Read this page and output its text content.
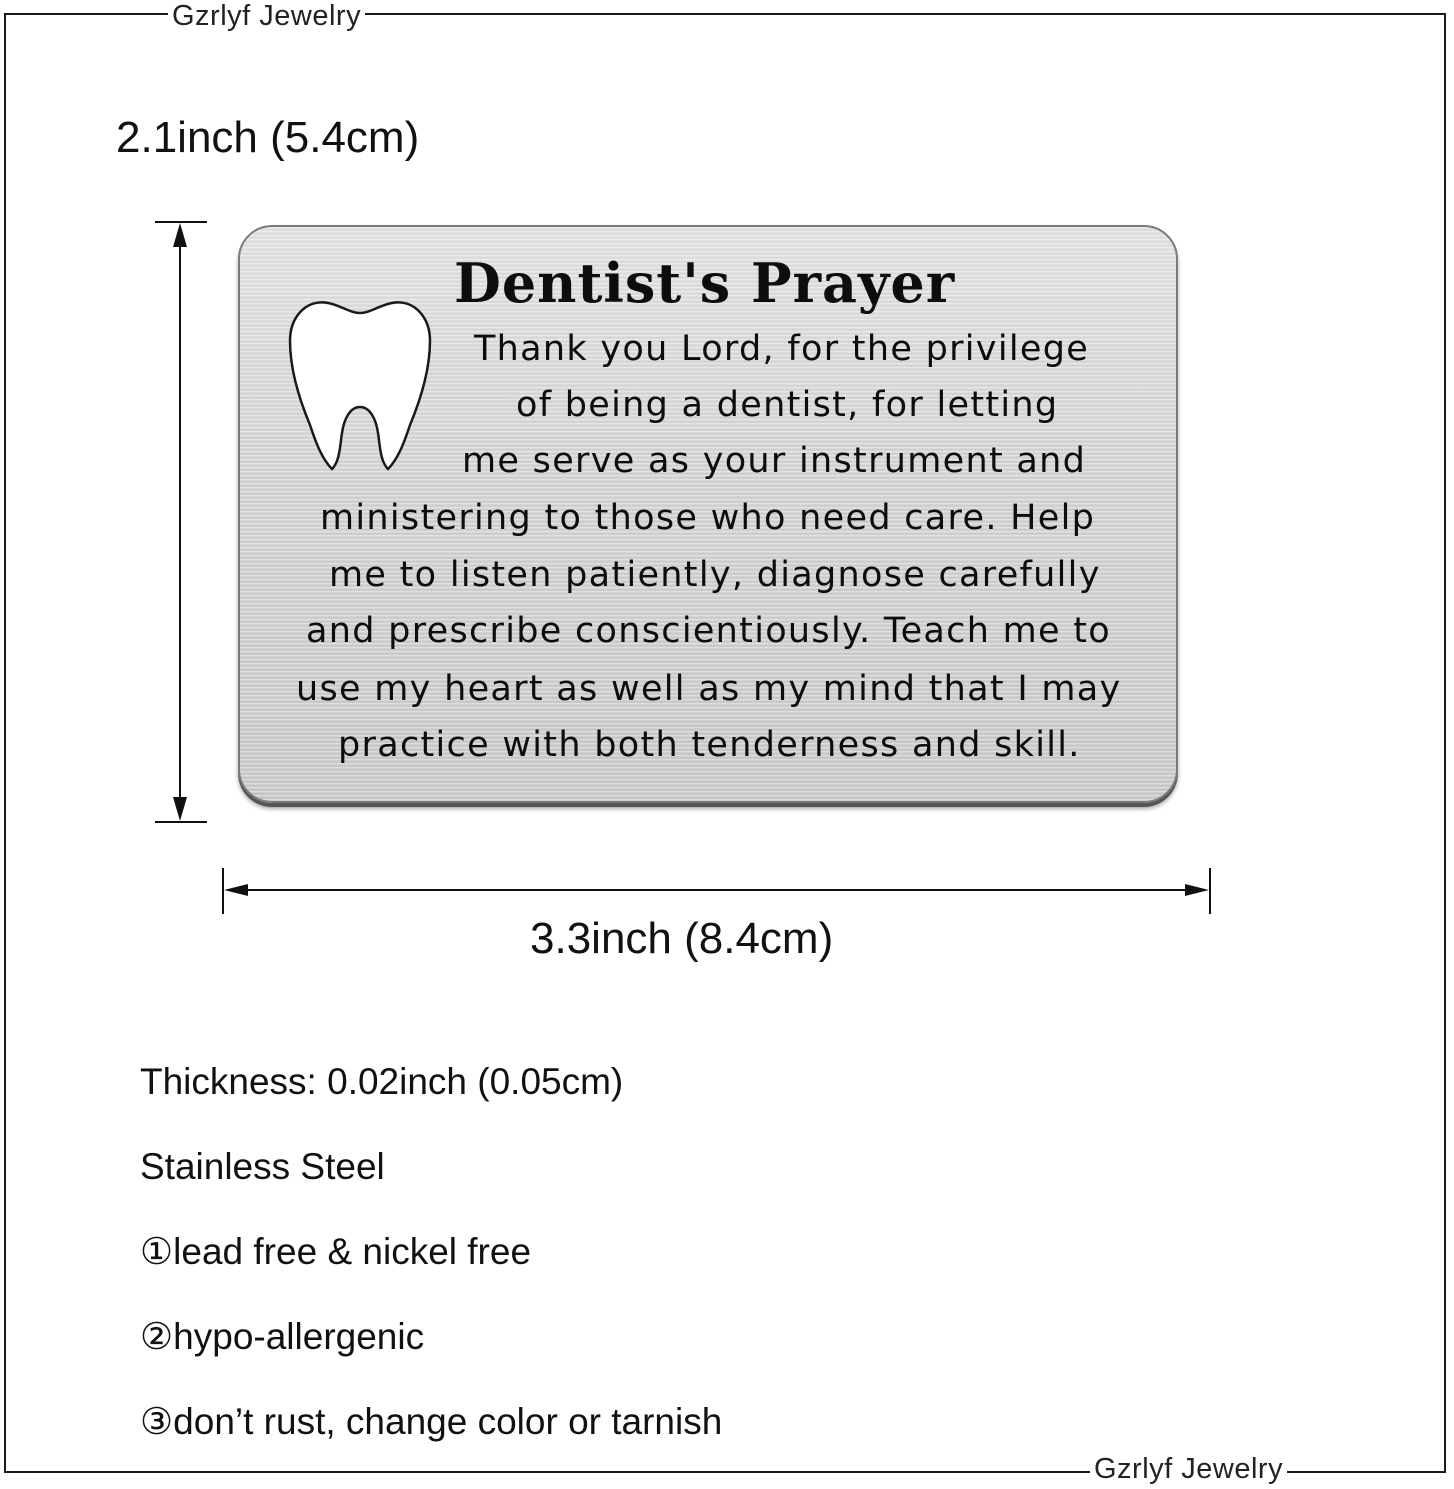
Gzrlyf Jewelry
Gzrlyf Jewelry
2.1inch (5.4cm)
3.3inch (8.4cm)
Dentist's Prayer
Thank you Lord, for the privilege
of being a dentist, for letting
me serve as your instrument and
ministering to those who need care. Help
me to listen patiently, diagnose carefully
and prescribe conscientiously. Teach me to
use my heart as well as my mind that I may
practice with both tenderness and skill.
Thickness: 0.02inch (0.05cm)
Stainless Steel
①lead free & nickel free
②hypo-allergenic
③don’t rust, change color or tarnish
